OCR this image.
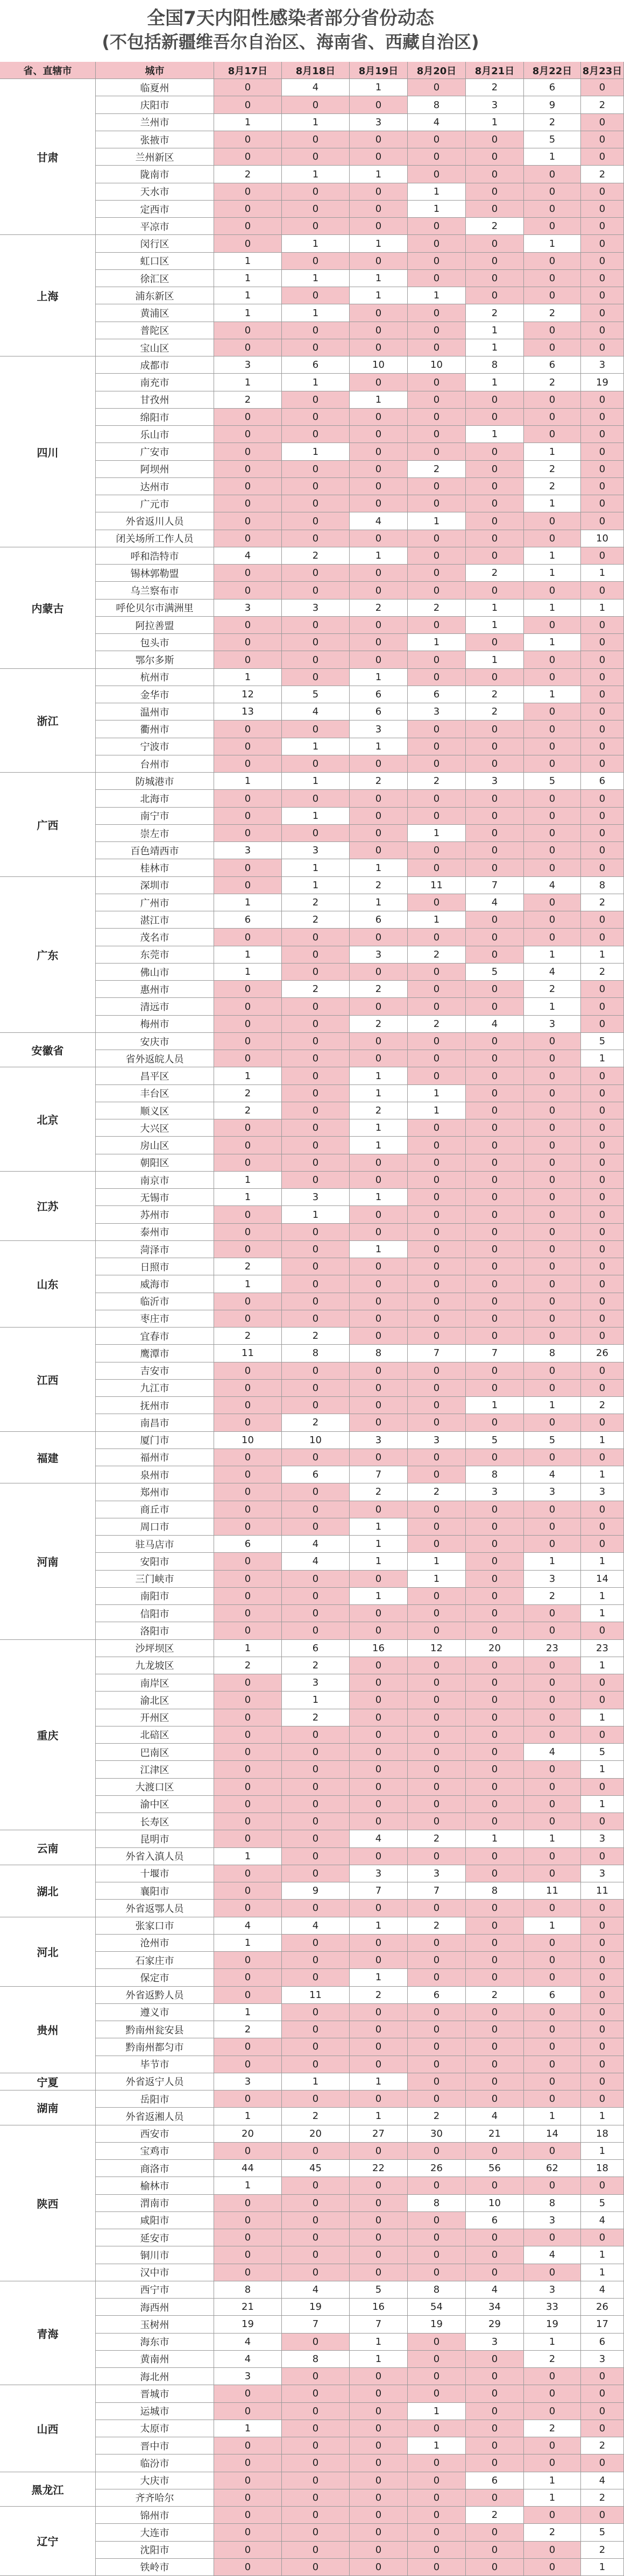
全国7天内阳性感染者部分省份动态
(不包括新疆维吾尔自治区、海南省、西藏自治区)
省、直辖市	城市	8月17日	8月18日	8月19日	8月20日	8月21日	8月22日	8月23日
甘肃
临夏州	0	4	1	0	2	6	0
庆阳市	0	0	0	8	3	9	2
兰州市	1	1	3	4	1	2	0
张掖市	0	0	0	0	0	5	0
兰州新区	0	0	0	0	0	1	0
陇南市	2	1	1	0	0	0	2
天水市	0	0	0	1	0	0	0
定西市	0	0	0	1	0	0	0
平凉市	0	0	0	0	2	0	0
上海
闵行区	0	1	1	0	0	1	0
虹口区	1	0	0	0	0	0	0
徐汇区	1	1	1	0	0	0	0
浦东新区	1	0	1	1	0	0	0
黄浦区	1	1	0	0	2	2	0
普陀区	0	0	0	0	1	0	0
宝山区	0	0	0	0	1	0	0
四川
成都市	3	6	10	10	8	6	3
南充市	1	1	0	0	1	2	19
甘孜州	2	0	1	0	0	0	0
绵阳市	0	0	0	0	0	0	0
乐山市	0	0	0	0	1	0	0
广安市	0	1	0	0	0	1	0
阿坝州	0	0	0	2	0	2	0
达州市	0	0	0	0	0	2	0
广元市	0	0	0	0	0	1	0
外省返川人员	0	0	4	1	0	0	0
闭关场所工作人员	0	0	0	0	0	0	10
内蒙古
呼和浩特市	4	2	1	0	0	1	0
锡林郭勒盟	0	0	0	0	2	1	1
乌兰察布市	0	0	0	0	0	0	0
呼伦贝尔市满洲里	3	3	2	2	1	1	1
阿拉善盟	0	0	0	0	1	0	0
包头市	0	0	0	1	0	1	0
鄂尔多斯	0	0	0	0	1	0	0
浙江
杭州市	1	0	1	0	0	0	0
金华市	12	5	6	6	2	1	0
温州市	13	4	6	3	2	0	0
衢州市	0	0	3	0	0	0	0
宁波市	0	1	1	0	0	0	0
台州市	0	0	0	0	0	0	0
广西
防城港市	1	1	2	2	3	5	6
北海市	0	0	0	0	0	0	0
南宁市	0	1	0	0	0	0	0
崇左市	0	0	0	1	0	0	0
百色靖西市	3	3	0	0	0	0	0
桂林市	0	1	1	0	0	0	0
广东
深圳市	0	1	2	11	7	4	8
广州市	1	2	1	0	4	0	2
湛江市	6	2	6	1	0	0	0
茂名市	0	0	0	0	0	0	0
东莞市	1	0	3	2	0	1	1
佛山市	1	0	0	0	5	4	2
惠州市	0	2	2	0	0	2	0
清远市	0	0	0	0	0	1	0
梅州市	0	0	2	2	4	3	0
安徽省
安庆市	0	0	0	0	0	0	5
省外返皖人员	0	0	0	0	0	0	1
北京
昌平区	1	0	1	0	0	0	0
丰台区	2	0	1	1	0	0	0
顺义区	2	0	2	1	0	0	0
大兴区	0	0	1	0	0	0	0
房山区	0	0	1	0	0	0	0
朝阳区	0	0	0	0	0	0	0
江苏
南京市	1	0	0	0	0	0	0
无锡市	1	3	1	0	0	0	0
苏州市	0	1	0	0	0	0	0
泰州市	0	0	0	0	0	0	0
山东
菏泽市	0	0	1	0	0	0	0
日照市	2	0	0	0	0	0	0
威海市	1	0	0	0	0	0	0
临沂市	0	0	0	0	0	0	0
枣庄市	0	0	0	0	0	0	0
江西
宜春市	2	2	0	0	0	0	0
鹰潭市	11	8	8	7	7	8	26
吉安市	0	0	0	0	0	0	0
九江市	0	0	0	0	0	0	0
抚州市	0	0	0	0	1	1	2
南昌市	0	2	0	0	0	0	0
福建
厦门市	10	10	3	3	5	5	1
福州市	0	0	0	0	0	0	0
泉州市	0	6	7	0	8	4	1
河南
郑州市	0	0	2	2	3	3	3
商丘市	0	0	0	0	0	0	0
周口市	0	0	1	0	0	0	0
驻马店市	6	4	1	0	0	0	0
安阳市	0	4	1	1	0	1	1
三门峡市	0	0	0	1	0	3	14
南阳市	0	0	1	0	0	2	1
信阳市	0	0	0	0	0	0	1
洛阳市	0	0	0	0	0	0	0
重庆
沙坪坝区	1	6	16	12	20	23	23
九龙坡区	2	2	0	0	0	0	1
南岸区	0	3	0	0	0	0	0
渝北区	0	1	0	0	0	0	0
开州区	0	2	0	0	0	0	1
北碚区	0	0	0	0	0	0	0
巴南区	0	0	0	0	0	4	5
江津区	0	0	0	0	0	0	1
大渡口区	0	0	0	0	0	0	0
渝中区	0	0	0	0	0	0	1
长寿区	0	0	0	0	0	0	0
云南
昆明市	0	0	4	2	1	1	3
外省入滇人员	1	0	0	0	0	0	0
湖北
十堰市	0	0	3	3	0	0	3
襄阳市	0	9	7	7	8	11	11
外省返鄂人员	0	0	0	0	0	0	0
河北
张家口市	4	4	1	2	0	1	0
沧州市	1	0	0	0	0	0	0
石家庄市	0	0	0	0	0	0	0
保定市	0	0	1	0	0	0	0
贵州
外省返黔人员	0	11	2	6	2	6	0
遵义市	1	0	0	0	0	0	0
黔南州瓮安县	2	0	0	0	0	0	0
黔南州都匀市	0	0	0	0	0	0	0
毕节市	0	0	0	0	0	0	0
宁夏	外省返宁人员	3	1	1	0	0	0	0
湖南
岳阳市	0	0	0	0	0	0	0
外省返湘人员	1	2	1	2	4	1	1
陕西
西安市	20	20	27	30	21	14	18
宝鸡市	0	0	0	0	0	0	1
商洛市	44	45	22	26	56	62	18
榆林市	1	0	0	0	0	0	0
渭南市	0	0	0	8	10	8	5
咸阳市	0	0	0	0	6	3	4
延安市	0	0	0	0	0	0	0
铜川市	0	0	0	0	0	4	1
汉中市	0	0	0	0	0	0	1
青海
西宁市	8	4	5	8	4	3	4
海西州	21	19	16	54	34	33	26
玉树州	19	7	7	19	29	19	17
海东市	4	0	1	0	3	1	6
黄南州	4	8	1	0	0	2	3
海北州	3	0	0	0	0	0	0
山西
晋城市	0	0	0	0	0	0	0
运城市	0	0	0	1	0	0	0
太原市	1	0	0	0	0	2	0
晋中市	0	0	0	1	0	0	2
临汾市	0	0	0	0	0	0	0
黑龙江
大庆市	0	0	0	0	6	1	4
齐齐哈尔	0	0	0	0	0	1	2
辽宁
锦州市	0	0	0	0	2	0	0
大连市	0	0	0	0	0	2	5
沈阳市	0	0	0	0	0	0	2
铁岭市	0	0	0	0	0	0	1
